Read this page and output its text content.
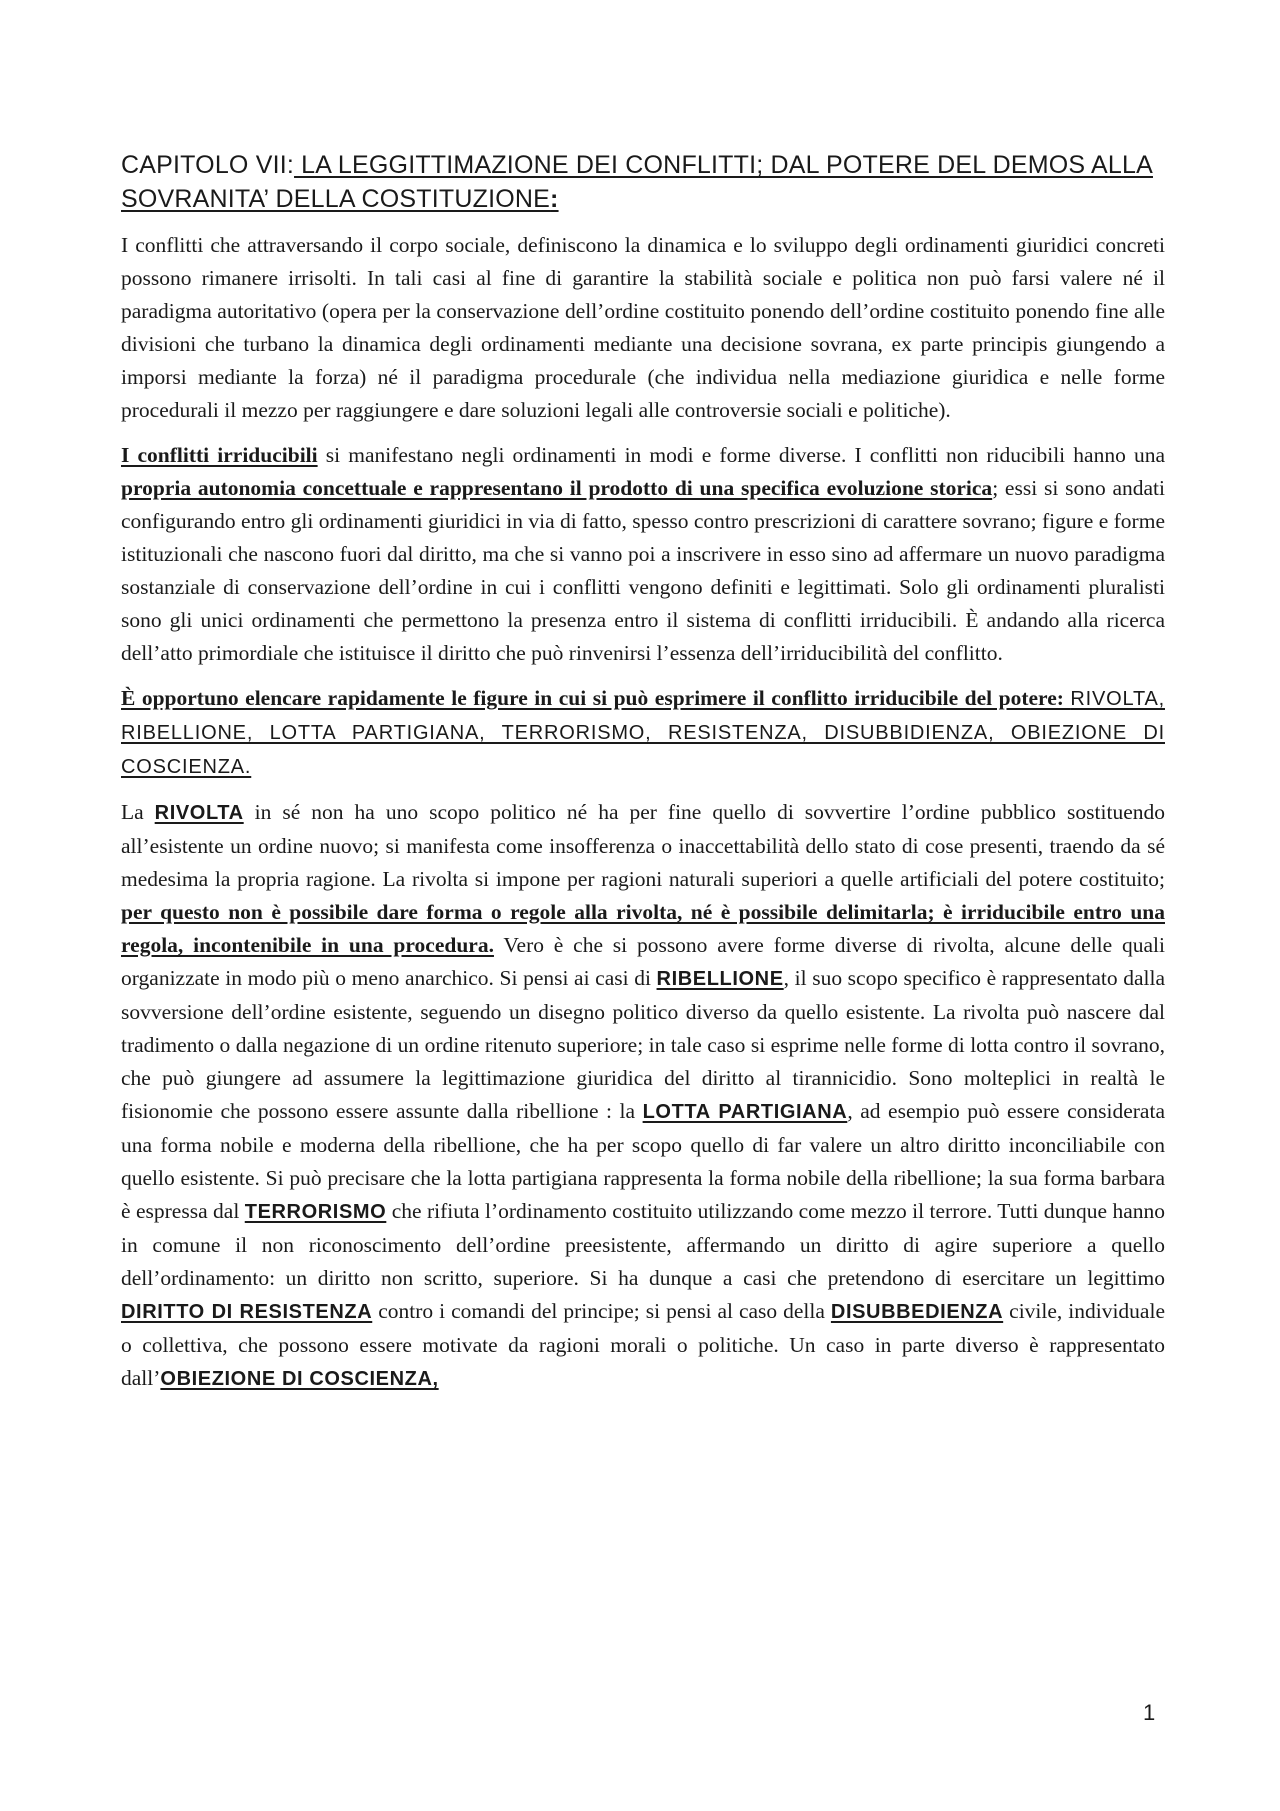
CAPITOLO VII: LA LEGGITTIMAZIONE DEI CONFLITTI; DAL POTERE DEL DEMOS ALLA SOVRANITA’ DELLA COSTITUZIONE:

I conflitti che attraversando il corpo sociale, definiscono la dinamica e lo sviluppo degli ordinamenti giuridici concreti possono rimanere irrisolti. In tali casi al fine di garantire la stabilità sociale e politica non può farsi valere né il paradigma autoritativo (opera per la conservazione dell’ordine costituito ponendo dell’ordine costituito ponendo fine alle divisioni che turbano la dinamica degli ordinamenti mediante una decisione sovrana, ex parte principis giungendo a imporsi mediante la forza) né il paradigma procedurale (che individua nella mediazione giuridica e nelle forme procedurali il mezzo per raggiungere e dare soluzioni legali alle controversie sociali e politiche).

I conflitti irriducibili si manifestano negli ordinamenti in modi e forme diverse. I conflitti non riducibili hanno una propria autonomia concettuale e rappresentano il prodotto di una specifica evoluzione storica; essi si sono andati configurando entro gli ordinamenti giuridici in via di fatto, spesso contro prescrizioni di carattere sovrano; figure e forme istituzionali che nascono fuori dal diritto, ma che si vanno poi a inscrivere in esso sino ad affermare un nuovo paradigma sostanziale di conservazione dell’ordine in cui i conflitti vengono definiti e legittimati. Solo gli ordinamenti pluralisti sono gli unici ordinamenti che permettono la presenza entro il sistema di conflitti irriducibili. È andando alla ricerca dell’atto primordiale che istituisce il diritto che può rinvenirsi l’essenza dell’irriducibilità del conflitto.

È opportuno elencare rapidamente le figure in cui si può esprimere il conflitto irriducibile del potere: RIVOLTA, RIBELLIONE, LOTTA PARTIGIANA, TERRORISMO, RESISTENZA, DISUBBIDIENZA, OBIEZIONE DI COSCIENZA.

La RIVOLTA in sé non ha uno scopo politico né ha per fine quello di sovvertire l’ordine pubblico sostituendo all’esistente un ordine nuovo; si manifesta come insofferenza o inaccettabilità dello stato di cose presenti, traendo da sé medesima la propria ragione. La rivolta si impone per ragioni naturali superiori a quelle artificiali del potere costituito; per questo non è possibile dare forma o regole alla rivolta, né è possibile delimitarla; è irriducibile entro una regola, incontenibile in una procedura. Vero è che si possono avere forme diverse di rivolta, alcune delle quali organizzate in modo più o meno anarchico. Si pensi ai casi di RIBELLIONE, il suo scopo specifico è rappresentato dalla sovversione dell’ordine esistente, seguendo un disegno politico diverso da quello esistente. La rivolta può nascere dal tradimento o dalla negazione di un ordine ritenuto superiore; in tale caso si esprime nelle forme di lotta contro il sovrano, che può giungere ad assumere la legittimazione giuridica del diritto al tirannicidio. Sono molteplici in realtà le fisionomie che possono essere assunte dalla ribellione : la LOTTA PARTIGIANA, ad esempio può essere considerata una forma nobile e moderna della ribellione, che ha per scopo quello di far valere un altro diritto inconciliabile con quello esistente. Si può precisare che la lotta partigiana rappresenta la forma nobile della ribellione; la sua forma barbara è espressa dal TERRORISMO che rifiuta l’ordinamento costituito utilizzando come mezzo il terrore. Tutti dunque hanno in comune il non riconoscimento dell’ordine preesistente, affermando un diritto di agire superiore a quello dell’ordinamento: un diritto non scritto, superiore. Si ha dunque a casi che pretendono di esercitare un legittimo DIRITTO DI RESISTENZA contro i comandi del principe; si pensi al caso della DISUBBEDIENZA civile, individuale o collettiva, che possono essere motivate da ragioni morali o politiche. Un caso in parte diverso è rappresentato dall’OBIEZIONE DI COSCIENZA,

1
